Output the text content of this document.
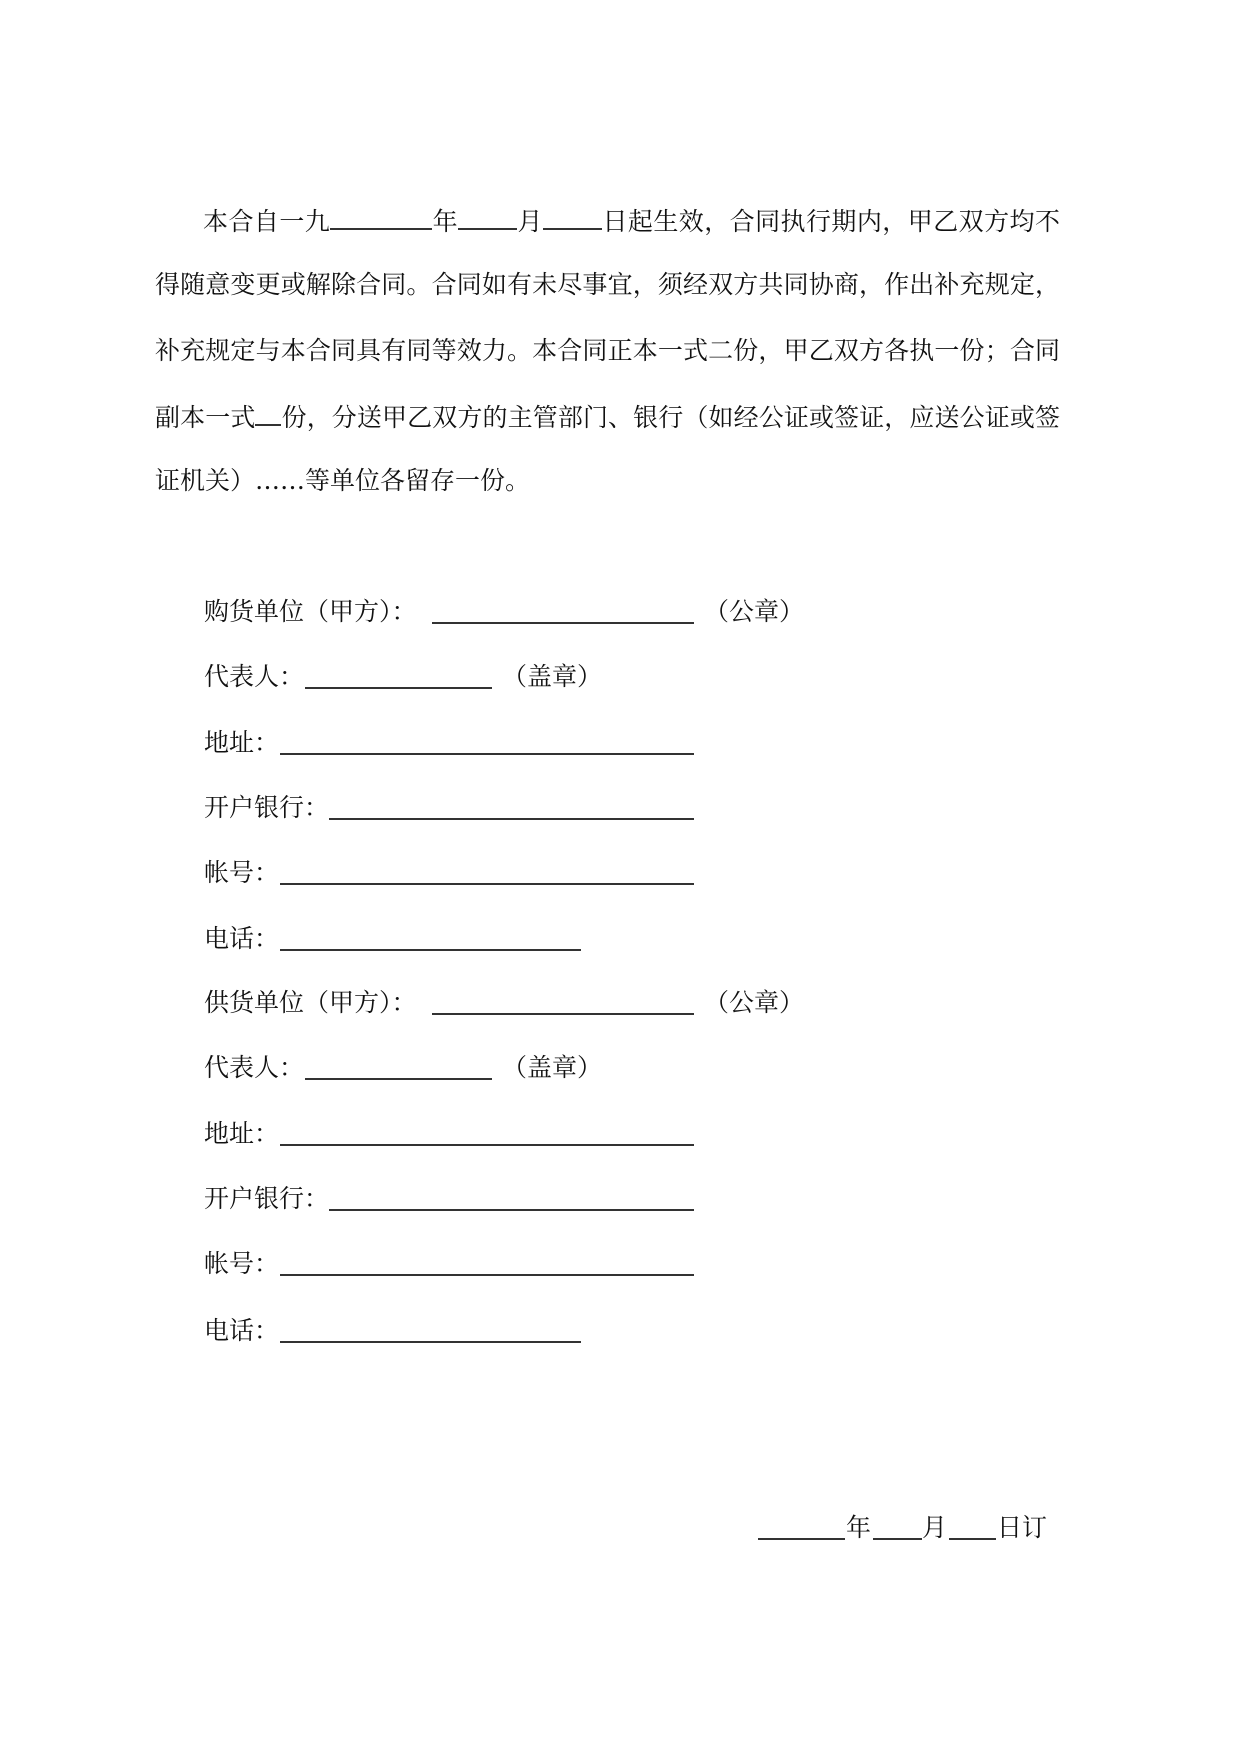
本合自一九	年 月 日起生效，合同执行期内，甲乙双方均不
得随意变更或解除合同。合同如有未尽事宜，须经双方共同协商，作出补充规定，
补充规定与本合同具有同等效力。本合同正本一式二份，甲乙双方各执一份；合同
副本一式 份，分送甲乙双方的主管部门、银行（如经公证或签证，应送公证或签
证机关）……等单位各留存一份。
购货单位（甲方）：	（公章）
代表人：	（盖章）
地址：
开户银行：
帐号：
电话：
供货单位（甲方）：	（公章）
代表人：	（盖章）
地址：
开户银行：
帐号：
电话：
年 月 日订
